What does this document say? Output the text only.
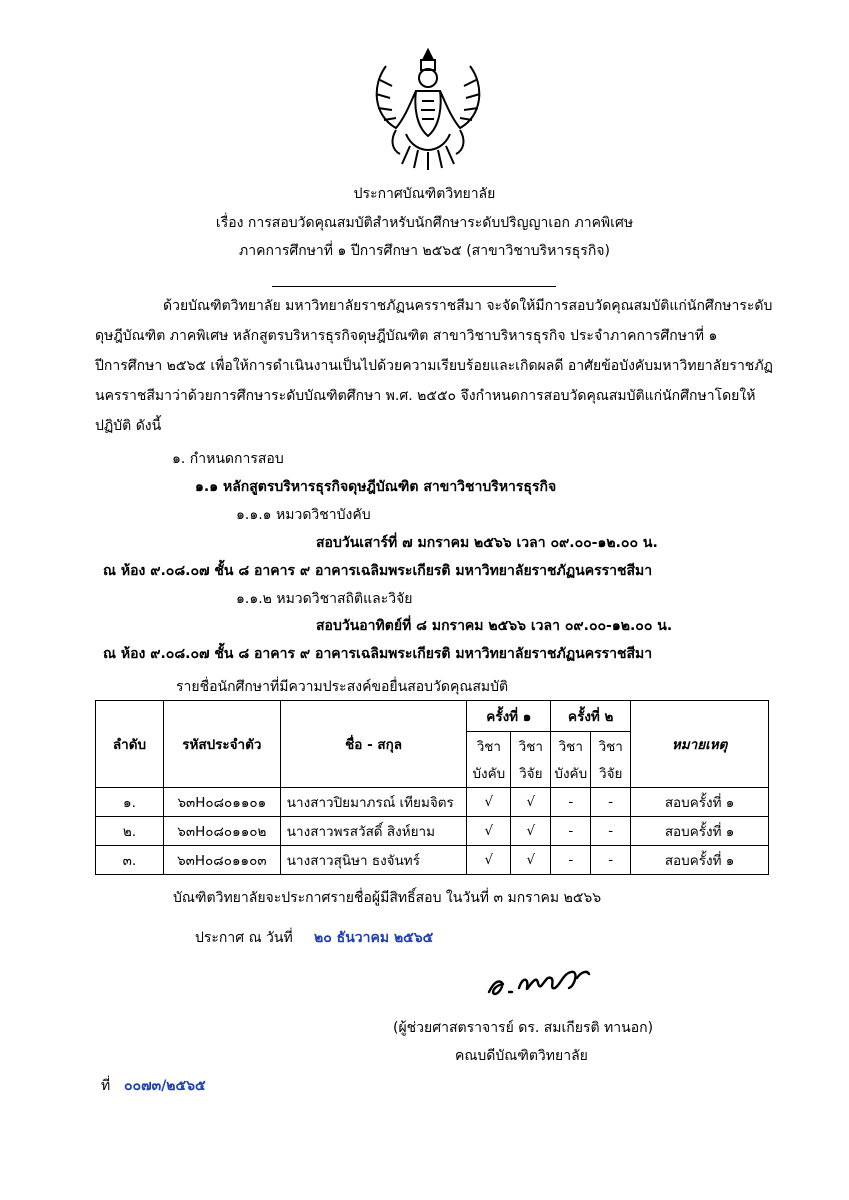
ประกาศบัณฑิตวิทยาลัย
เรื่อง การสอบวัดคุณสมบัติสำหรับนักศึกษาระดับปริญญาเอก ภาคพิเศษ
ภาคการศึกษาที่ ๑ ปีการศึกษา ๒๕๖๕ (สาขาวิชาบริหารธุรกิจ)
ด้วยบัณฑิตวิทยาลัย มหาวิทยาลัยราชภัฏนครราชสีมา จะจัดให้มีการสอบวัดคุณสมบัติแก่นักศึกษาระดับ
ดุษฎีบัณฑิต ภาคพิเศษ หลักสูตรบริหารธุรกิจดุษฎีบัณฑิต สาขาวิชาบริหารธุรกิจ ประจำภาคการศึกษาที่ ๑
ปีการศึกษา ๒๕๖๕ เพื่อให้การดำเนินงานเป็นไปด้วยความเรียบร้อยและเกิดผลดี อาศัยข้อบังคับมหาวิทยาลัยราชภัฏ
นครราชสีมาว่าด้วยการศึกษาระดับบัณฑิตศึกษา พ.ศ. ๒๕๕๐ จึงกำหนดการสอบวัดคุณสมบัติแก่นักศึกษาโดยให้
ปฏิบัติ ดังนี้
๑. กำหนดการสอบ
๑.๑ หลักสูตรบริหารธุรกิจดุษฎีบัณฑิต สาขาวิชาบริหารธุรกิจ
๑.๑.๑ หมวดวิชาบังคับ
สอบวันเสาร์ที่ ๗ มกราคม ๒๕๖๖ เวลา ๐๙.๐๐-๑๒.๐๐ น.
ณ ห้อง ๙.๐๘.๐๗ ชั้น ๘ อาคาร ๙ อาคารเฉลิมพระเกียรติ มหาวิทยาลัยราชภัฏนครราชสีมา
๑.๑.๒ หมวดวิชาสถิติและวิจัย
สอบวันอาทิตย์ที่ ๘ มกราคม ๒๕๖๖ เวลา ๐๙.๐๐-๑๒.๐๐ น.
ณ ห้อง ๙.๐๘.๐๗ ชั้น ๘ อาคาร ๙ อาคารเฉลิมพระเกียรติ มหาวิทยาลัยราชภัฏนครราชสีมา
รายชื่อนักศึกษาที่มีความประสงค์ขอยื่นสอบวัดคุณสมบัติ
ลำดับ	รหัสประจำตัว	ชื่อ - สกุล	ครั้งที่ ๑		ครั้งที่ ๒		หมายเหตุ
			วิชา	วิชา	วิชา	วิชา	
			บังคับ	วิจัย	บังคับ	วิจัย	
๑.	๖๓H๐๘๐๑๑๐๑	นางสาวปิยมาภรณ์ เทียมจิตร	√	√	-	-	สอบครั้งที่ ๑
๒.	๖๓H๐๘๐๑๑๐๒	นางสาวพรสวัสดิ์ สิงห์ยาม	√	√	-	-	สอบครั้งที่ ๑
๓.	๖๓H๐๘๐๑๑๐๓	นางสาวสุนิษา ธงจันทร์	√	√	-	-	สอบครั้งที่ ๑
บัณฑิตวิทยาลัยจะประกาศรายชื่อผู้มีสิทธิ์สอบ ในวันที่ ๓ มกราคม ๒๕๖๖
ประกาศ ณ วันที่ ๒๐ ธันวาคม ๒๕๖๕
(ผู้ช่วยศาสตราจารย์ ดร. สมเกียรติ ทานอก)
คณบดีบัณฑิตวิทยาลัย
ที่ ๐๐๗๓/๒๕๖๕
